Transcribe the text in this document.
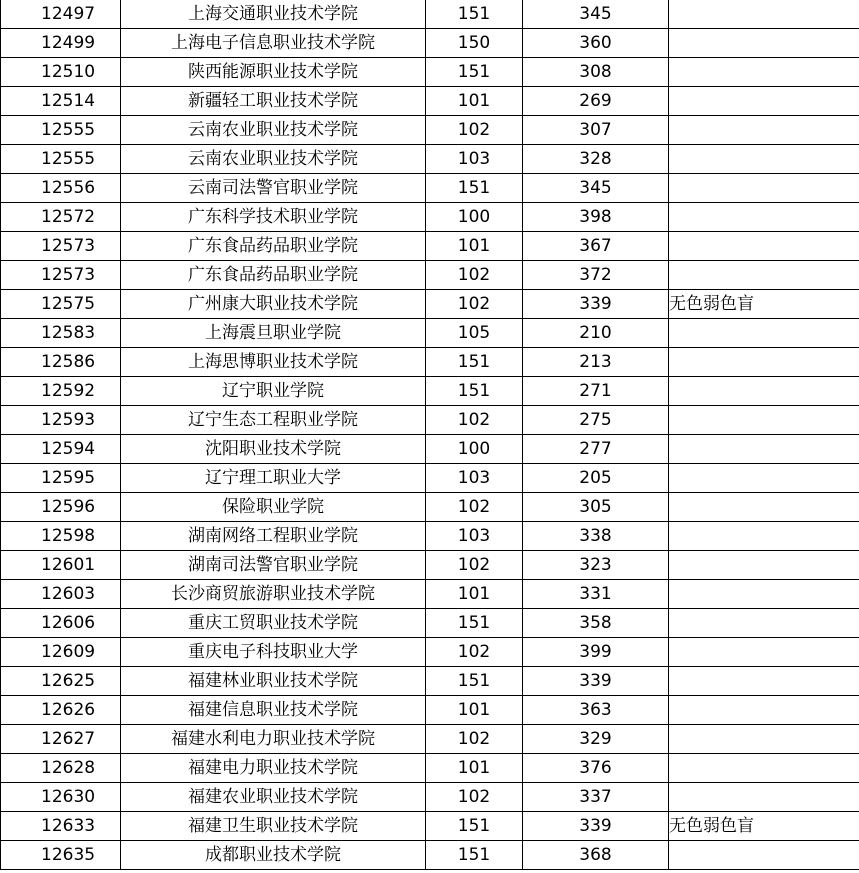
12497	上海交通职业技术学院	151	345	
12499	上海电子信息职业技术学院	150	360	
12510	陕西能源职业技术学院	151	308	
12514	新疆轻工职业技术学院	101	269	
12555	云南农业职业技术学院	102	307	
12555	云南农业职业技术学院	103	328	
12556	云南司法警官职业学院	151	345	
12572	广东科学技术职业学院	100	398	
12573	广东食品药品职业学院	101	367	
12573	广东食品药品职业学院	102	372	
12575	广州康大职业技术学院	102	339	无色弱色盲
12583	上海震旦职业学院	105	210	
12586	上海思博职业技术学院	151	213	
12592	辽宁职业学院	151	271	
12593	辽宁生态工程职业学院	102	275	
12594	沈阳职业技术学院	100	277	
12595	辽宁理工职业大学	103	205	
12596	保险职业学院	102	305	
12598	湖南网络工程职业学院	103	338	
12601	湖南司法警官职业学院	102	323	
12603	长沙商贸旅游职业技术学院	101	331	
12606	重庆工贸职业技术学院	151	358	
12609	重庆电子科技职业大学	102	399	
12625	福建林业职业技术学院	151	339	
12626	福建信息职业技术学院	101	363	
12627	福建水利电力职业技术学院	102	329	
12628	福建电力职业技术学院	101	376	
12630	福建农业职业技术学院	102	337	
12633	福建卫生职业技术学院	151	339	无色弱色盲
12635	成都职业技术学院	151	368	
